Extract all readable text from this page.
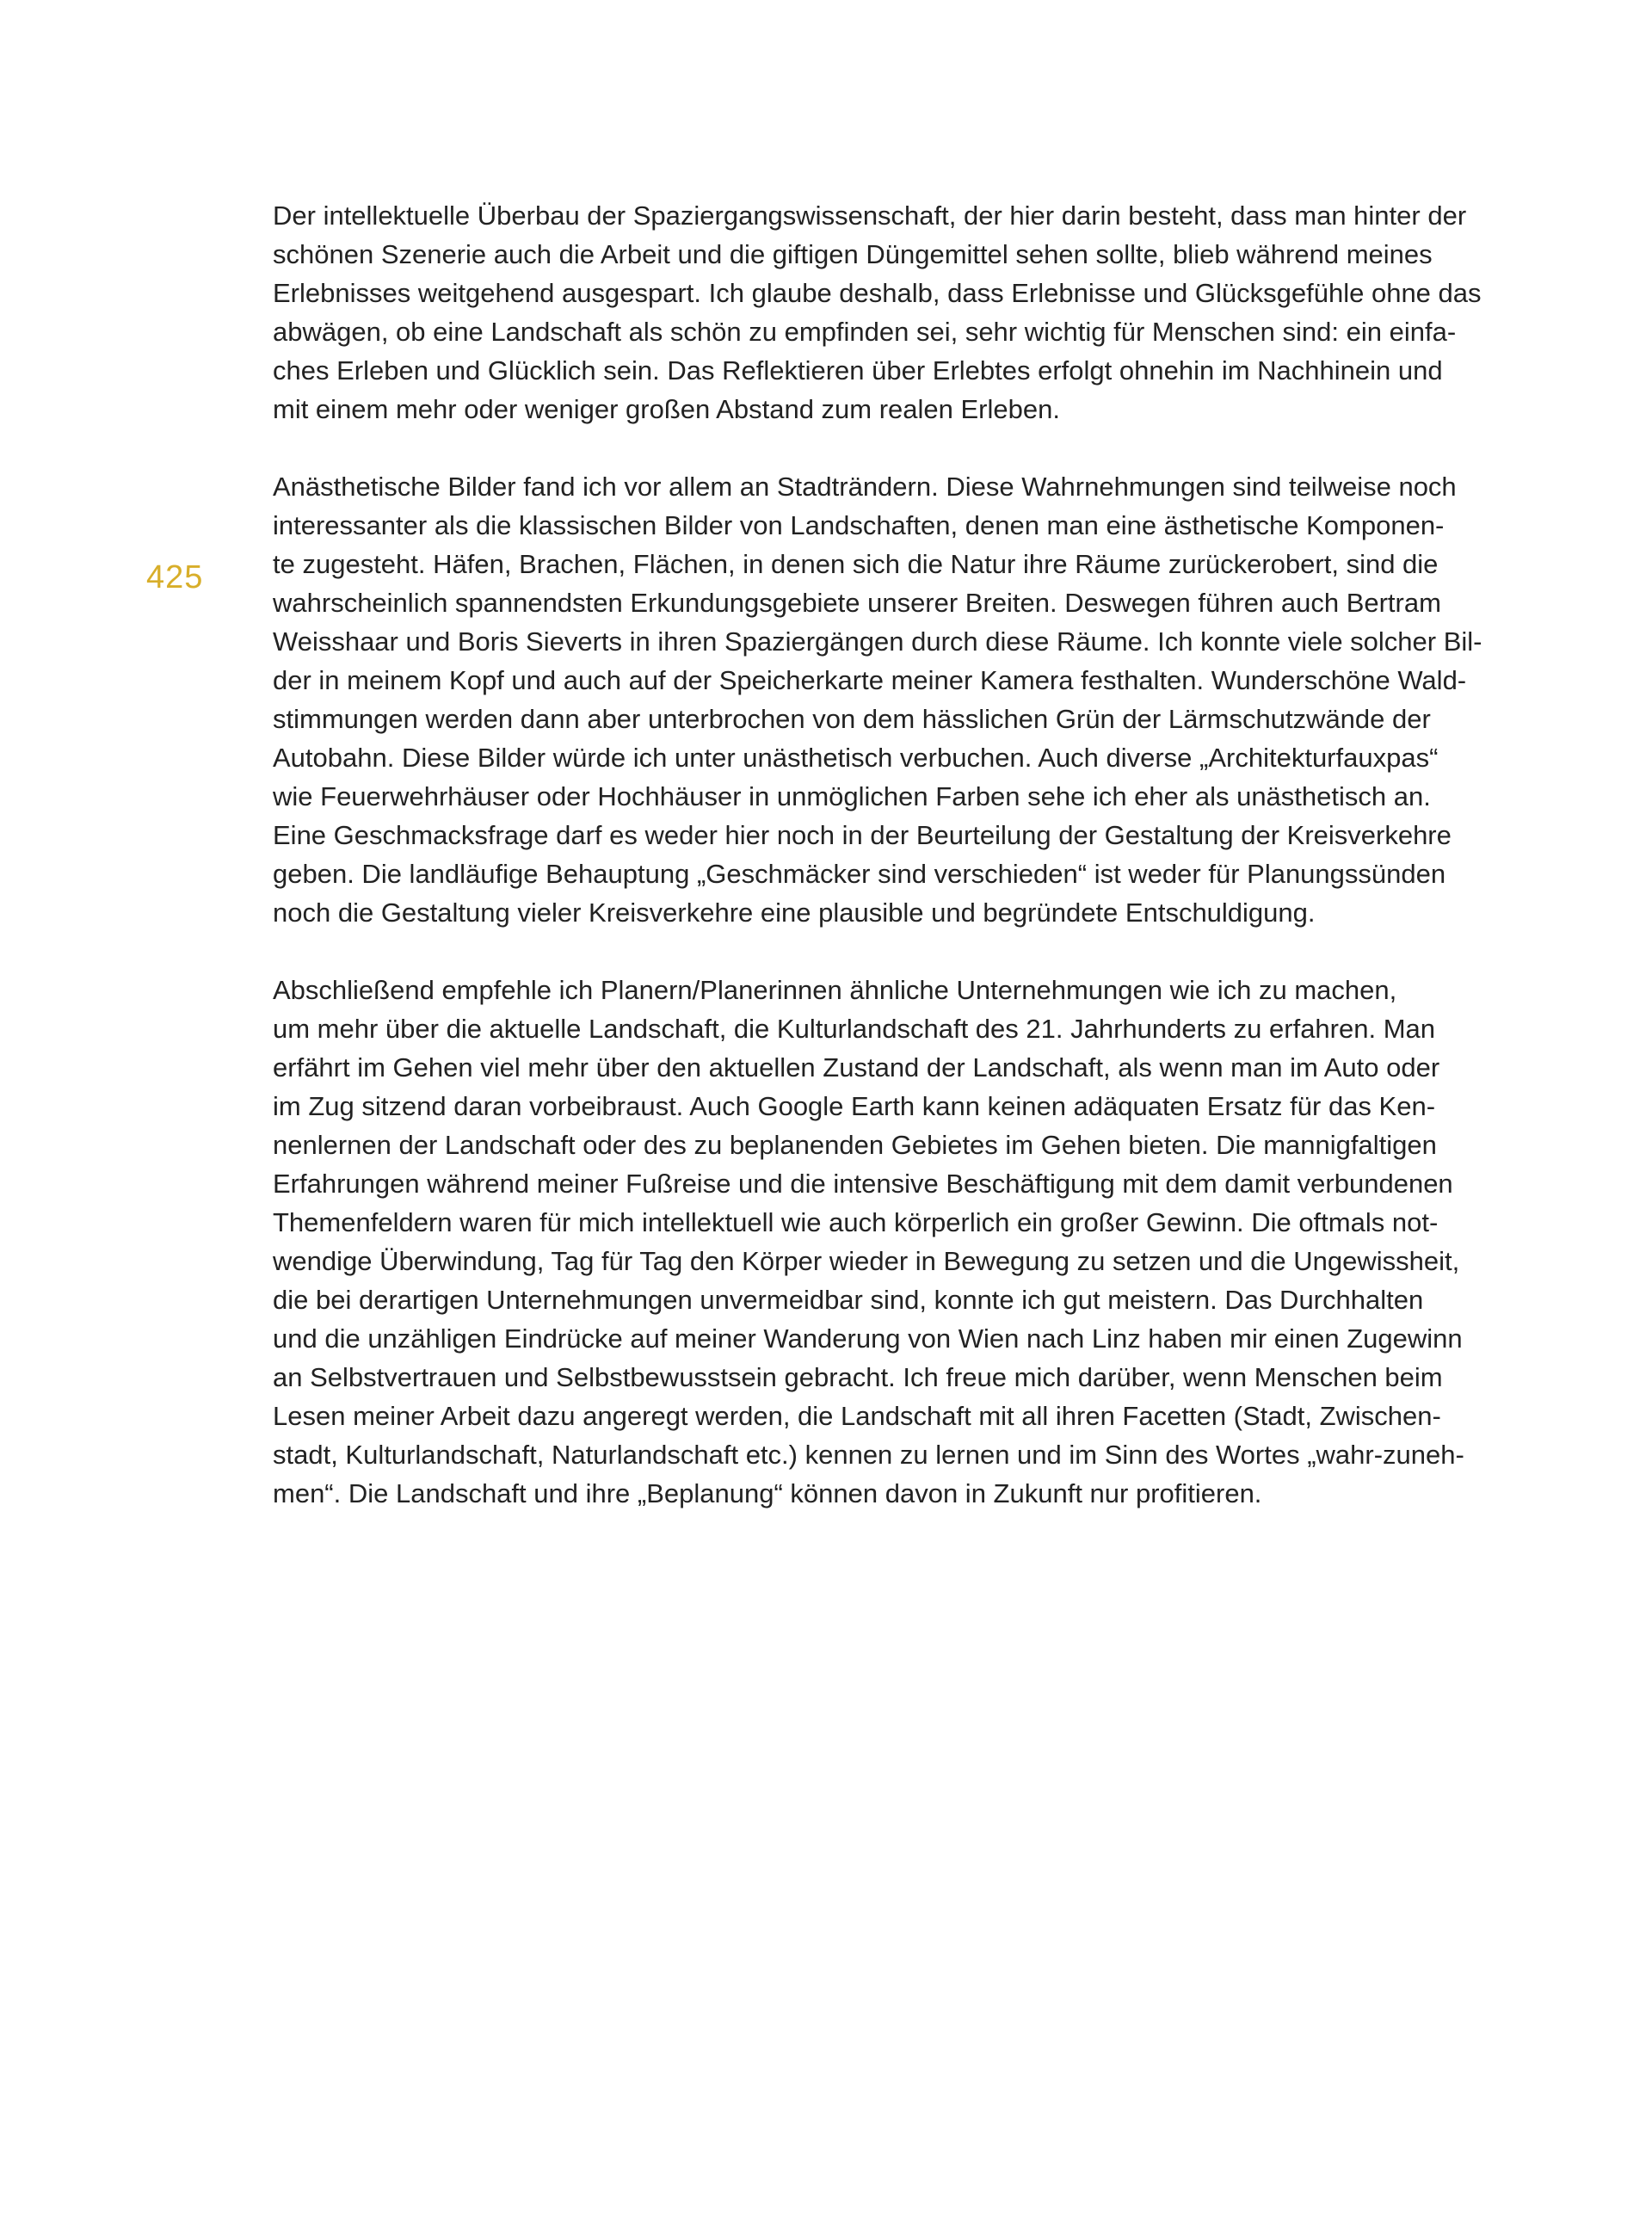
425
Der intellektuelle Überbau der Spaziergangswissenschaft, der hier darin besteht, dass man hinter der
schönen Szenerie auch die Arbeit und die giftigen Düngemittel sehen sollte, blieb während meines
Erlebnisses weitgehend ausgespart. Ich glaube deshalb, dass Erlebnisse und Glücksgefühle ohne das
abwägen, ob eine Landschaft als schön zu empfinden sei, sehr wichtig für Menschen sind: ein einfa-
ches Erleben und Glücklich sein. Das Reflektieren über Erlebtes erfolgt ohnehin im Nachhinein und
mit einem mehr oder weniger großen Abstand zum realen Erleben.
Anästhetische Bilder fand ich vor allem an Stadträndern. Diese Wahrnehmungen sind teilweise noch
interessanter als die klassischen Bilder von Landschaften, denen man eine ästhetische Komponen-
te zugesteht. Häfen, Brachen, Flächen, in denen sich die Natur ihre Räume zurückerobert, sind die
wahrscheinlich spannendsten Erkundungsgebiete unserer Breiten. Deswegen führen auch Bertram
Weisshaar und Boris Sieverts in ihren Spaziergängen durch diese Räume. Ich konnte viele solcher Bil-
der in meinem Kopf und auch auf der Speicherkarte meiner Kamera festhalten. Wunderschöne Wald-
stimmungen werden dann aber unterbrochen von dem hässlichen Grün der Lärmschutzwände der
Autobahn. Diese Bilder würde ich unter unästhetisch verbuchen. Auch diverse „Architekturfauxpas“
wie Feuerwehrhäuser oder Hochhäuser in unmöglichen Farben sehe ich eher als unästhetisch an.
Eine Geschmacksfrage darf es weder hier noch in der Beurteilung der Gestaltung der Kreisverkehre
geben. Die landläufige Behauptung „Geschmäcker sind verschieden“ ist weder für Planungssünden
noch die Gestaltung vieler Kreisverkehre eine plausible und begründete Entschuldigung.
Abschließend empfehle ich Planern/Planerinnen ähnliche Unternehmungen wie ich zu machen,
um mehr über die aktuelle Landschaft, die Kulturlandschaft des 21. Jahrhunderts zu erfahren. Man
erfährt im Gehen viel mehr über den aktuellen Zustand der Landschaft, als wenn man im Auto oder
im Zug sitzend daran vorbeibraust. Auch Google Earth kann keinen adäquaten Ersatz für das Ken-
nenlernen der Landschaft oder des zu beplanenden Gebietes im Gehen bieten. Die mannigfaltigen
Erfahrungen während meiner Fußreise und die intensive Beschäftigung mit dem damit verbundenen
Themenfeldern waren für mich intellektuell wie auch körperlich ein großer Gewinn. Die oftmals not-
wendige Überwindung, Tag für Tag den Körper wieder in Bewegung zu setzen und die Ungewissheit,
die bei derartigen Unternehmungen unvermeidbar sind, konnte ich gut meistern. Das Durchhalten
und die unzähligen Eindrücke auf meiner Wanderung von Wien nach Linz haben mir einen Zugewinn
an Selbstvertrauen und Selbstbewusstsein gebracht. Ich freue mich darüber, wenn Menschen beim
Lesen meiner Arbeit dazu angeregt werden, die Landschaft mit all ihren Facetten (Stadt, Zwischen-
stadt, Kulturlandschaft, Naturlandschaft etc.) kennen zu lernen und im Sinn des Wortes „wahr-zuneh-
men“. Die Landschaft und ihre „Beplanung“ können davon in Zukunft nur profitieren.
